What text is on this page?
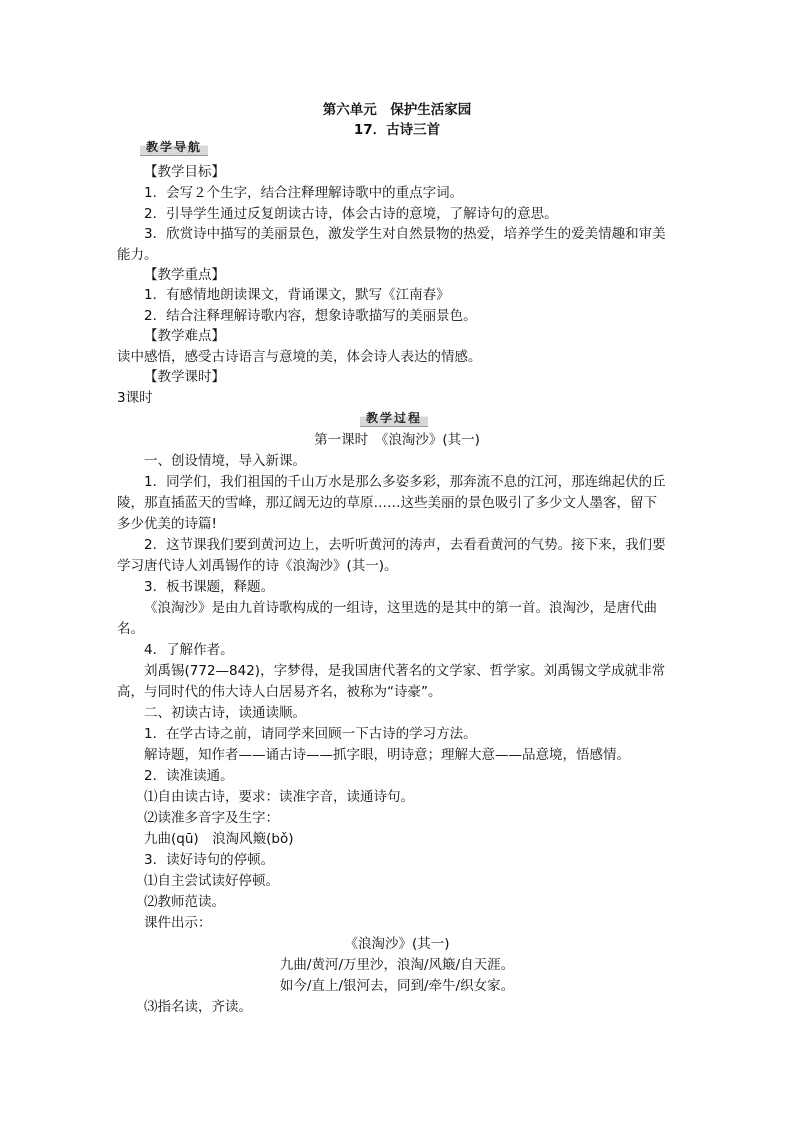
第六单元　保护生活家园
17．古诗三首
教学导航
【教学目标】
1．会写２个生字，结合注释理解诗歌中的重点字词。
2．引导学生通过反复朗读古诗，体会古诗的意境，了解诗句的意思。
3．欣赏诗中描写的美丽景色，激发学生对自然景物的热爱，培养学生的爱美情趣和审美
能力。
【教学重点】
1．有感情地朗读课文，背诵课文，默写《江南春》
2．结合注释理解诗歌内容，想象诗歌描写的美丽景色。
【教学难点】
读中感悟，感受古诗语言与意境的美，体会诗人表达的情感。
【教学课时】
3课时
教学过程
第一课时　《浪淘沙》(其一)
一、创设情境，导入新课。
1．同学们，我们祖国的千山万水是那么多姿多彩，那奔流不息的江河，那连绵起伏的丘
陵，那直插蓝天的雪峰，那辽阔无边的草原……这些美丽的景色吸引了多少文人墨客，留下
多少优美的诗篇!
2．这节课我们要到黄河边上，去听听黄河的涛声，去看看黄河的气势。接下来，我们要
学习唐代诗人刘禹锡作的诗《浪淘沙》(其一)。
3．板书课题，释题。
《浪淘沙》是由九首诗歌构成的一组诗，这里选的是其中的第一首。浪淘沙，是唐代曲
名。
4．了解作者。
刘禹锡(772—842)，字梦得，是我国唐代著名的文学家、哲学家。刘禹锡文学成就非常
高，与同时代的伟大诗人白居易齐名，被称为“诗豪”。
二、初读古诗，读通读顺。
1．在学古诗之前，请同学来回顾一下古诗的学习方法。
解诗题，知作者——诵古诗——抓字眼，明诗意；理解大意——品意境，悟感情。
2．读准读通。
⑴自由读古诗，要求：读准字音，读通诗句。
⑵读准多音字及生字：
九曲(qū)　浪淘风簸(bǒ)
3．读好诗句的停顿。
⑴自主尝试读好停顿。
⑵教师范读。
课件出示：
《浪淘沙》(其一)
九曲/黄河/万里沙，浪淘/风簸/自天涯。
如今/直上/银河去，同到/牵牛/织女家。
⑶指名读，齐读。
